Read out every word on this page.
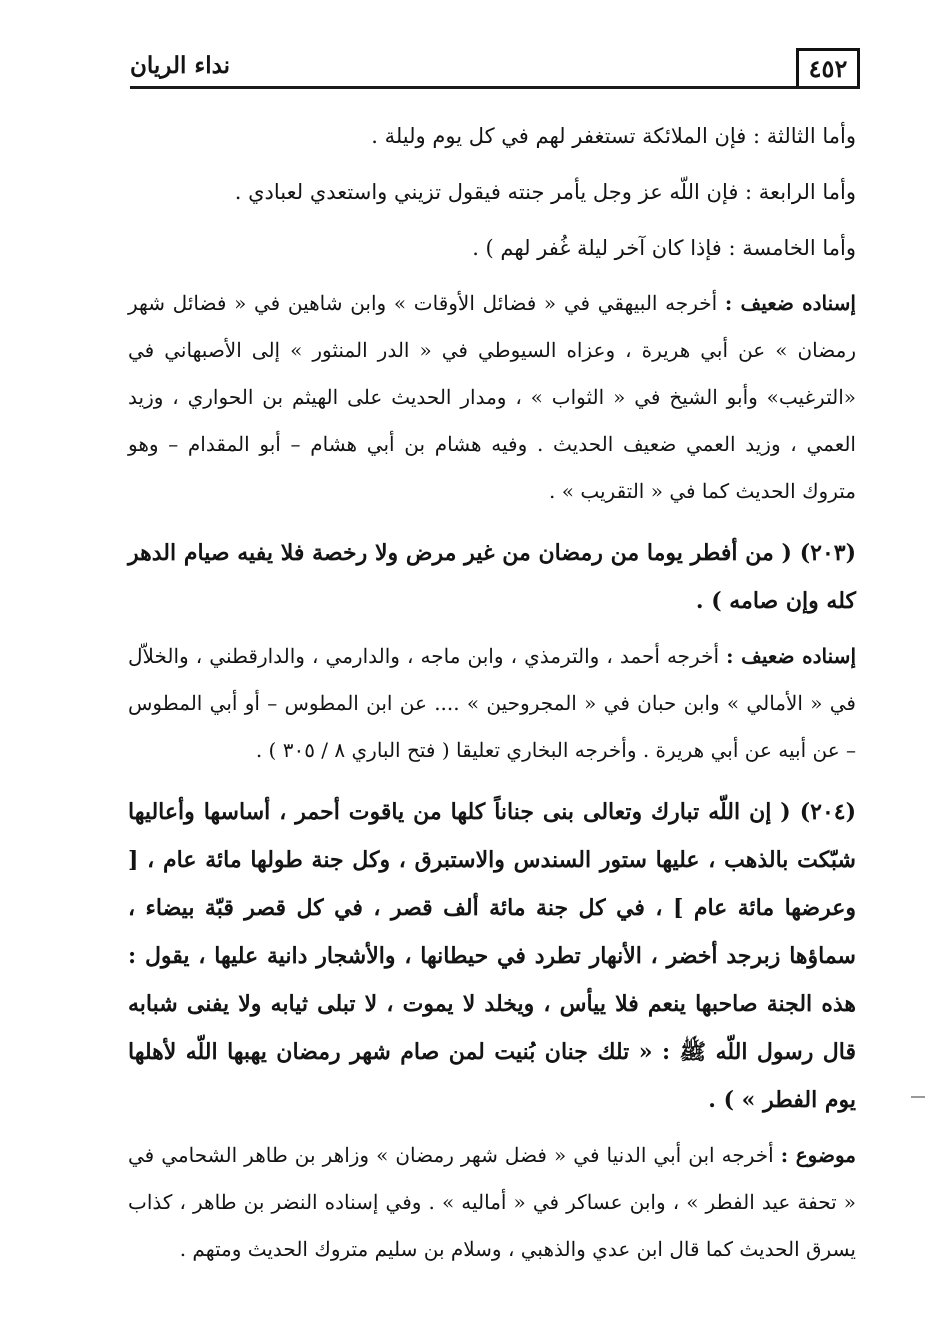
نداء الريان	٤٥٢

وأما الثالثة : فإن الملائكة تستغفر لهم في كل يوم وليلة .

وأما الرابعة : فإن اللّه عز وجل يأمر جنته فيقول تزيني واستعدي لعبادي .

وأما الخامسة : فإذا كان آخر ليلة غُفر لهم ) .

إسناده ضعيف : أخرجه البيهقي في « فضائل الأوقات » وابن شاهين في « فضائل شهر رمضان » عن أبي هريرة ، وعزاه السيوطي في « الدر المنثور » إلى الأصبهاني في «الترغيب» وأبو الشيخ في « الثواب » ، ومدار الحديث على الهيثم بن الحواري ، وزيد العمي ، وزيد العمي ضعيف الحديث . وفيه هشام بن أبي هشام – أبو المقدام – وهو متروك الحديث كما في « التقريب » .

(٢٠٣) ( من أفطر يوما من رمضان من غير مرض ولا رخصة فلا يفيه صيام الدهر كله وإن صامه ) .

إسناده ضعيف : أخرجه أحمد ، والترمذي ، وابن ماجه ، والدارمي ، والدارقطني ، والخلاّل في « الأمالي » وابن حبان في « المجروحين » .... عن ابن المطوس – أو أبي المطوس – عن أبيه عن أبي هريرة . وأخرجه البخاري تعليقا ( فتح الباري ٨ / ٣٠٥ ) .

(٢٠٤) ( إن اللّه تبارك وتعالى بنى جناناً كلها من ياقوت أحمر ، أساسها وأعاليها شبّكت بالذهب ، عليها ستور السندس والاستبرق ، وكل جنة طولها مائة عام ، [ وعرضها مائة عام ] ، في كل جنة مائة ألف قصر ، في كل قصر قبّة بيضاء ، سماؤها زبرجد أخضر ، الأنهار تطرد في حيطانها ، والأشجار دانية عليها ، يقول : هذه الجنة صاحبها ينعم فلا ييأس ، ويخلد لا يموت ، لا تبلى ثيابه ولا يفنى شبابه قال رسول اللّه ﷺ : « تلك جنان بُنيت لمن صام شهر رمضان يهبها اللّه لأهلها يوم الفطر » ) .

موضوع : أخرجه ابن أبي الدنيا في « فضل شهر رمضان » وزاهر بن طاهر الشحامي في « تحفة عيد الفطر » ، وابن عساكر في « أماليه » . وفي إسناده النضر بن طاهر ، كذاب يسرق الحديث كما قال ابن عدي والذهبي ، وسلام بن سليم متروك الحديث ومتهم .
